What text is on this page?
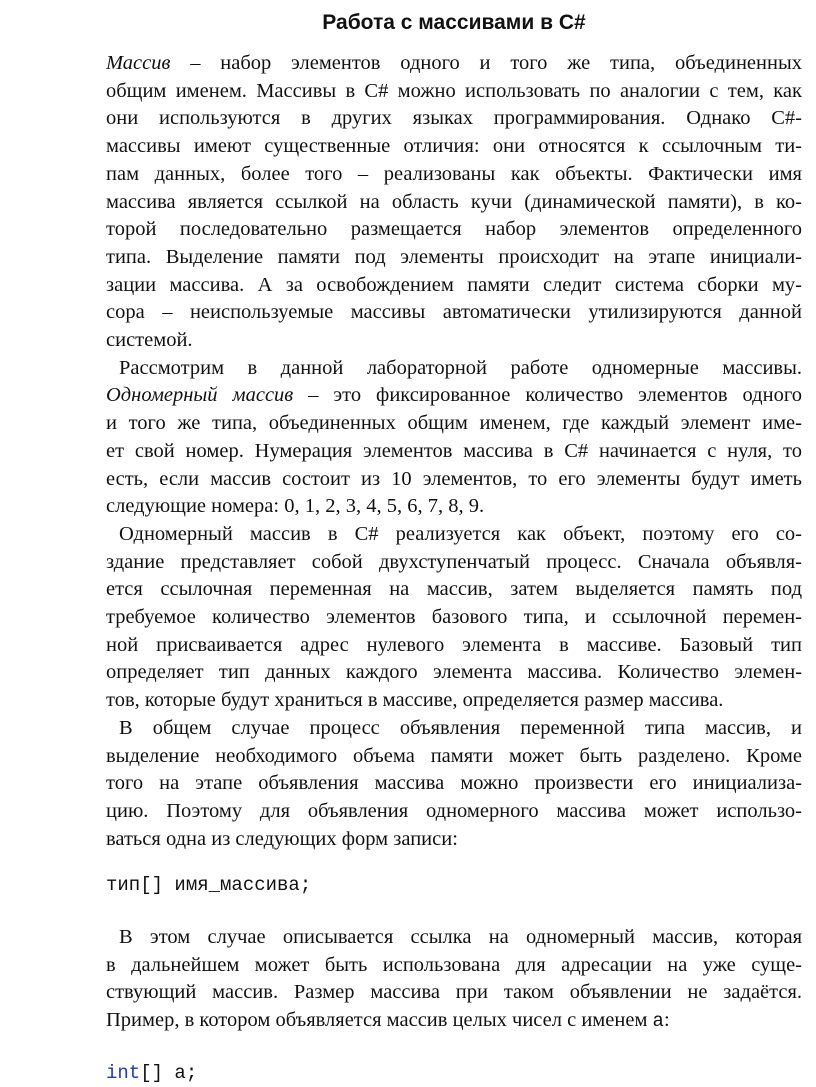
Работа с массивами в C#

Массив – набор элементов одного и того же типа, объединенных

общим именем. Массивы в C# можно использовать по аналогии с тем, как

они используются в других языках программирования. Однако C#-

массивы имеют существенные отличия: они относятся к ссылочным ти-

пам данных, более того – реализованы как объекты. Фактически имя

массива является ссылкой на область кучи (динамической памяти), в ко-

торой последовательно размещается набор элементов определенного

типа. Выделение памяти под элементы происходит на этапе инициали-

зации массива. А за освобождением памяти следит система сборки му-

сора – неиспользуемые массивы автоматически утилизируются данной

системой.

Рассмотрим в данной лабораторной работе одномерные массивы.

Одномерный массив – это фиксированное количество элементов одного

и того же типа, объединенных общим именем, где каждый элемент име-

ет свой номер. Нумерация элементов массива в C# начинается с нуля, то

есть, если массив состоит из 10 элементов, то его элементы будут иметь

следующие номера: 0, 1, 2, 3, 4, 5, 6, 7, 8, 9.

Одномерный массив в C# реализуется как объект, поэтому его со-

здание представляет собой двухступенчатый процесс. Сначала объявля-

ется ссылочная переменная на массив, затем выделяется память под

требуемое количество элементов базового типа, и ссылочной перемен-

ной присваивается адрес нулевого элемента в массиве. Базовый тип

определяет тип данных каждого элемента массива. Количество элемен-

тов, которые будут храниться в массиве, определяется размер массива.

В общем случае процесс объявления переменной типа массив, и

выделение необходимого объема памяти может быть разделено. Кроме

того на этапе объявления массива можно произвести его инициализа-

цию. Поэтому для объявления одномерного массива может использо-

ваться одна из следующих форм записи:

тип[] имя_массива;

В этом случае описывается ссылка на одномерный массив, которая

в дальнейшем может быть использована для адресации на уже суще-

ствующий массив. Размер массива при таком объявлении не задаётся.

Пример, в котором объявляется массив целых чисел с именем a:

int[] a;
